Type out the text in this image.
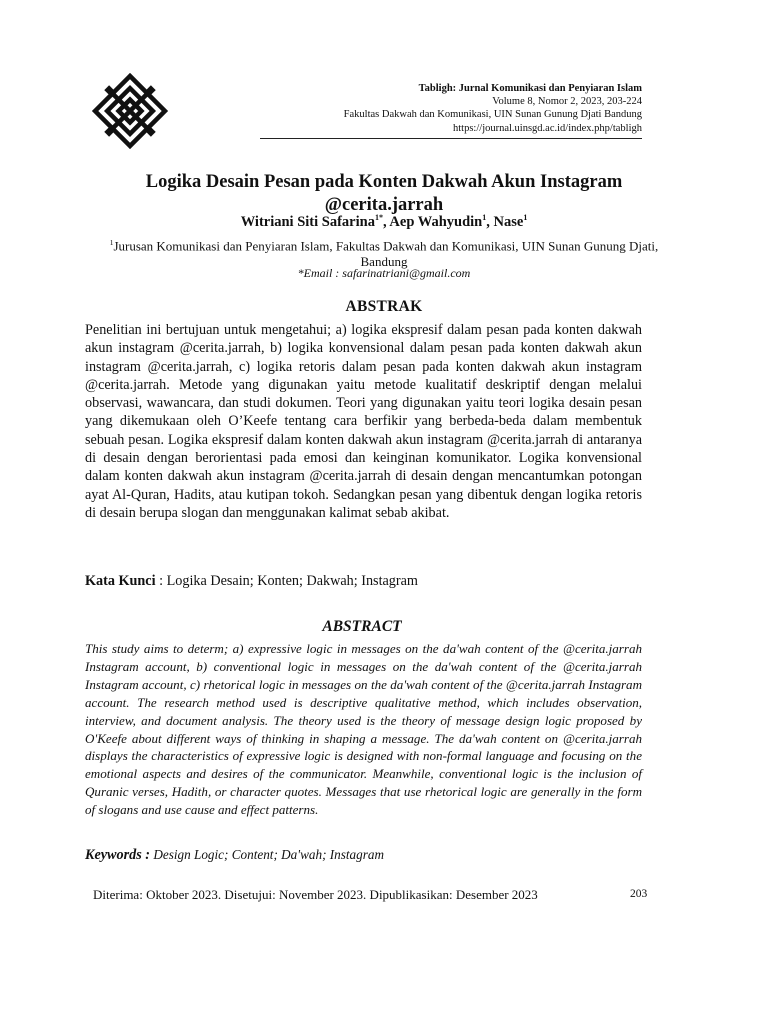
Tabligh: Jurnal Komunikasi dan Penyiaran Islam
Volume 8, Nomor 2, 2023, 203-224
Fakultas Dakwah dan Komunikasi, UIN Sunan Gunung Djati Bandung
https://journal.uinsgd.ac.id/index.php/tabligh
Logika Desain Pesan pada Konten Dakwah Akun Instagram
@cerita.jarrah
Witriani Siti Safarina$^{1*}$, Aep Wahyudin$^1$, Nase$^1$
$^1$Jurusan Komunikasi dan Penyiaran Islam, Fakultas Dakwah dan Komunikasi, UIN Sunan Gunung Djati, Bandung
*Email : safarinatriani@gmail.com
ABSTRAK

Penelitian ini bertujuan untuk mengetahui; a) logika ekspresif dalam pesan pada konten dakwah akun instagram @cerita.jarrah, b) logika konvensional dalam pesan pada konten dakwah akun instagram @cerita.jarrah, c) logika retoris dalam pesan pada konten dakwah akun instagram @cerita.jarrah. Metode yang digunakan yaitu metode kualitatif deskriptif dengan melalui observasi, wawancara, dan studi dokumen. Teori yang digunakan yaitu teori logika desain pesan yang dikemukaan oleh O’Keefe tentang cara berfikir yang berbeda-beda dalam membentuk sebuah pesan. Logika ekspresif dalam konten dakwah akun instagram @cerita.jarrah di antaranya di desain dengan berorientasi pada emosi dan keinginan komunikator. Logika konvensional dalam konten dakwah akun instagram @cerita.jarrah di desain dengan mencantumkan potongan ayat Al-Quran, Hadits, atau kutipan tokoh. Sedangkan pesan yang dibentuk dengan logika retoris di desain berupa slogan dan menggunakan kalimat sebab akibat.

Kata Kunci : Logika Desain; Konten; Dakwah; Instagram
ABSTRACT

This study aims to determ; a) expressive logic in messages on the da'wah content of the @cerita.jarrah Instagram account, b) conventional logic in messages on the da'wah content of the @cerita.jarrah Instagram account, c) rhetorical logic in messages on the da'wah content of the @cerita.jarrah Instagram account. The research method used is descriptive qualitative method, which includes observation, interview, and document analysis. The theory used is the theory of message design logic proposed by O'Keefe about different ways of thinking in shaping a message. The da'wah content on @cerita.jarrah displays the characteristics of expressive logic is designed with non-formal language and focusing on the emotional aspects and desires of the communicator. Meanwhile, conventional logic is the inclusion of Quranic verses, Hadith, or character quotes. Messages that use rhetorical logic are generally in the form of slogans and use cause and effect patterns.

Keywords : Design Logic; Content; Da'wah; Instagram
Diterima: Oktober 2023. Disetujui: November 2023. Dipublikasikan: Desember 2023	203
